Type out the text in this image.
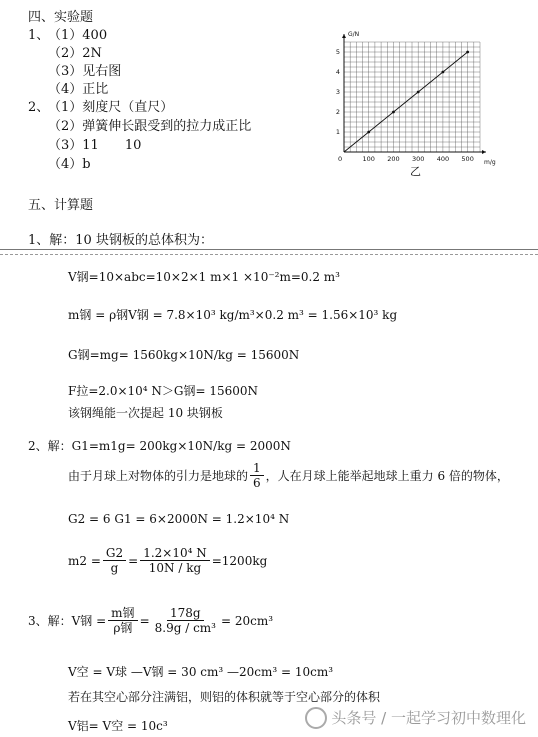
四、实验题
1、
（1）400
（2）2N
（3）见右图
（4）正比
2、
（1）刻度尺（直尺）
（2）弹簧伸长跟受到的拉力成正比
（3）11　　10
（4）b
G/N
m/g
0	100 200 300 400 500
1
2
3
4
5
乙
五、计算题
1、解：10 块钢板的总体积为：
V钢=10×abc=10×2×1 m×1 ×10⁻²m=0.2 m³
m钢 = ρ钢V钢 = 7.8×10³ kg/m³×0.2 m³ = 1.56×10³ kg
G钢=mg= 1560kg×10N/kg = 15600N
F拉=2.0×10⁴ N＞G钢= 15600N
该钢绳能一次提起 10 块钢板
2、解：G1=m1g= 200kg×10N/kg = 2000N
由于月球上对物体的引力是地球的 $\frac{1}{6}$ ，人在月球上能举起地球上重力 6 倍的物体，
G2 = 6 G1 = 6×2000N = 1.2×10⁴ N
$m2 = \frac{G2}{g} = \frac{\text{1.2×10⁴ N}}{10N / kg} =1200kg$
3、解：V钢 = $\frac{\text{m钢}}{\text{ρ钢}} = \frac{178g}{\text{8.9g / cm³}} = 20cm^3$
V空 = V球 —V钢 = 30 cm³ —20cm³ = 10cm³
若在其空心部分注满铝，则铝的体积就等于空心部分的体积
V铝= V空 = 10c³	头条号 / 一起学习初中数理化
